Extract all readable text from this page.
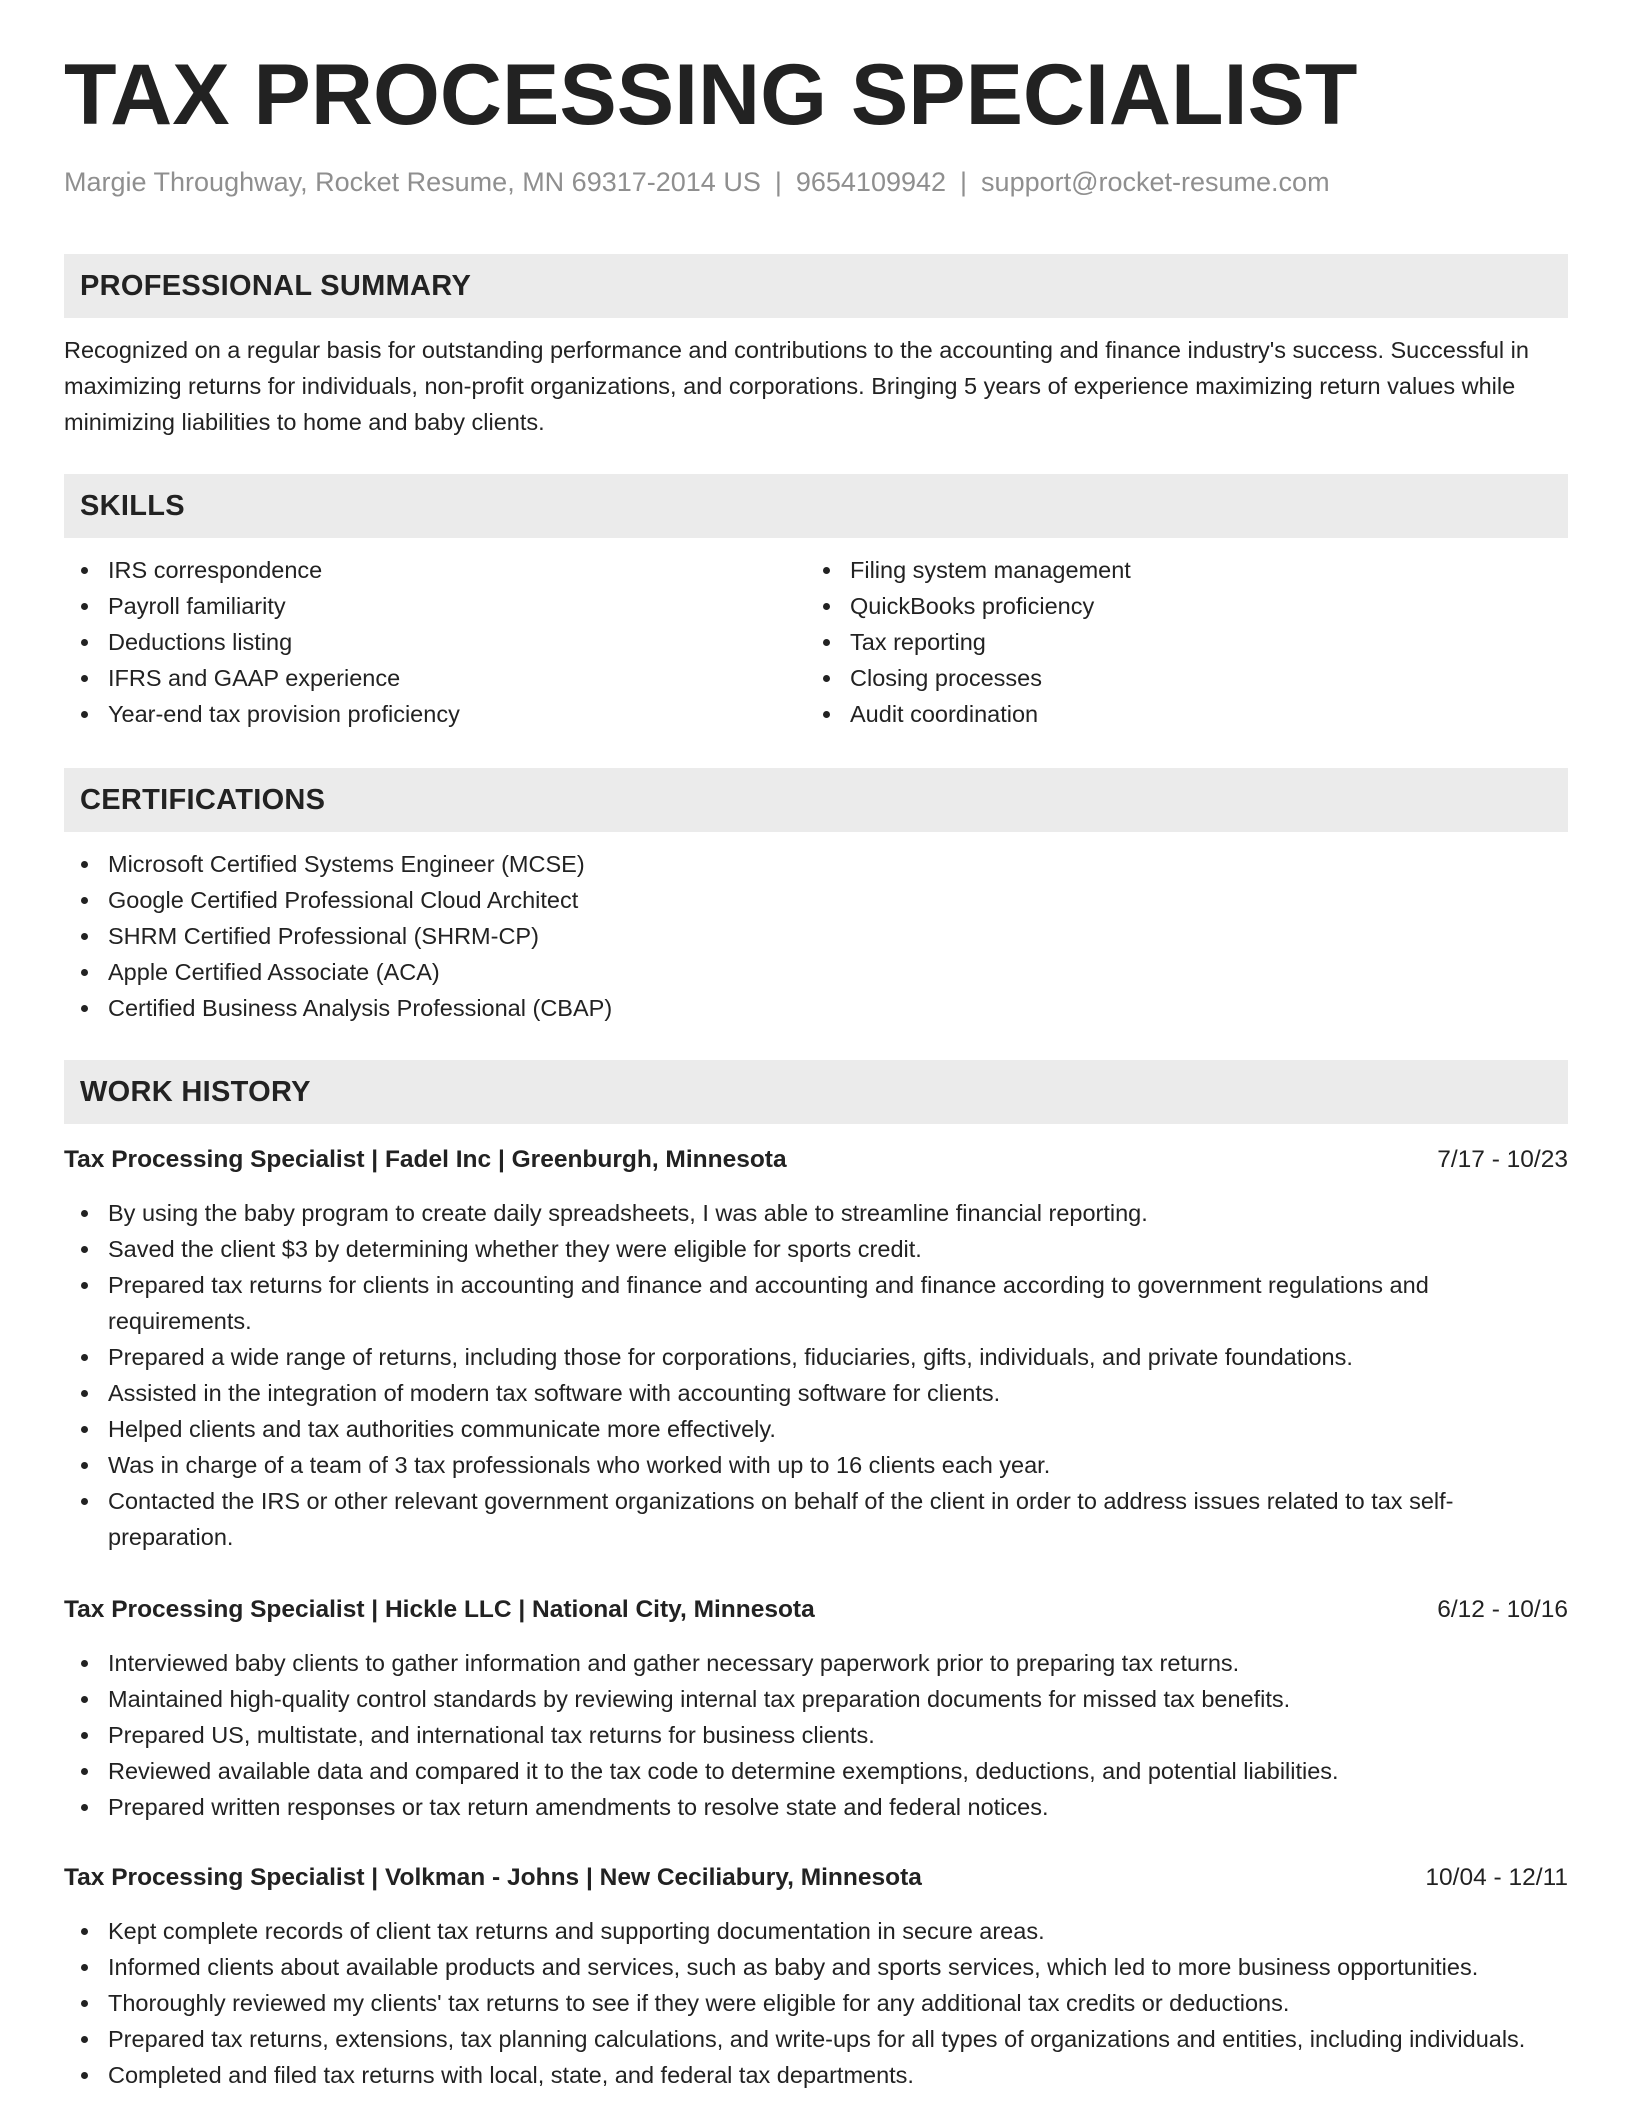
TAX PROCESSING SPECIALIST
Margie Throughway, Rocket Resume, MN 69317-2014 US | 9654109942 | support@rocket-resume.com
PROFESSIONAL SUMMARY

Recognized on a regular basis for outstanding performance and contributions to the accounting and finance industry's success. Successful in maximizing returns for individuals, non-profit organizations, and corporations. Bringing 5 years of experience maximizing return values while minimizing liabilities to home and baby clients.

SKILLS
IRS correspondence
Payroll familiarity
Deductions listing
IFRS and GAAP experience
Year-end tax provision proficiency
Filing system management
QuickBooks proficiency
Tax reporting
Closing processes
Audit coordination
CERTIFICATIONS
Microsoft Certified Systems Engineer (MCSE)
Google Certified Professional Cloud Architect
SHRM Certified Professional (SHRM-CP)
Apple Certified Associate (ACA)
Certified Business Analysis Professional (CBAP)
WORK HISTORY
Tax Processing Specialist | Fadel Inc | Greenburgh, Minnesota	7/17 - 10/23
By using the baby program to create daily spreadsheets, I was able to streamline financial reporting.
Saved the client $3 by determining whether they were eligible for sports credit.
Prepared tax returns for clients in accounting and finance and accounting and finance according to government regulations and requirements.
Prepared a wide range of returns, including those for corporations, fiduciaries, gifts, individuals, and private foundations.
Assisted in the integration of modern tax software with accounting software for clients.
Helped clients and tax authorities communicate more effectively.
Was in charge of a team of 3 tax professionals who worked with up to 16 clients each year.
Contacted the IRS or other relevant government organizations on behalf of the client in order to address issues related to tax self-preparation.
Tax Processing Specialist | Hickle LLC | National City, Minnesota	6/12 - 10/16
Interviewed baby clients to gather information and gather necessary paperwork prior to preparing tax returns.
Maintained high-quality control standards by reviewing internal tax preparation documents for missed tax benefits.
Prepared US, multistate, and international tax returns for business clients.
Reviewed available data and compared it to the tax code to determine exemptions, deductions, and potential liabilities.
Prepared written responses or tax return amendments to resolve state and federal notices.
Tax Processing Specialist | Volkman - Johns | New Ceciliabury, Minnesota	10/04 - 12/11
Kept complete records of client tax returns and supporting documentation in secure areas.
Informed clients about available products and services, such as baby and sports services, which led to more business opportunities.
Thoroughly reviewed my clients' tax returns to see if they were eligible for any additional tax credits or deductions.
Prepared tax returns, extensions, tax planning calculations, and write-ups for all types of organizations and entities, including individuals.
Completed and filed tax returns with local, state, and federal tax departments.
